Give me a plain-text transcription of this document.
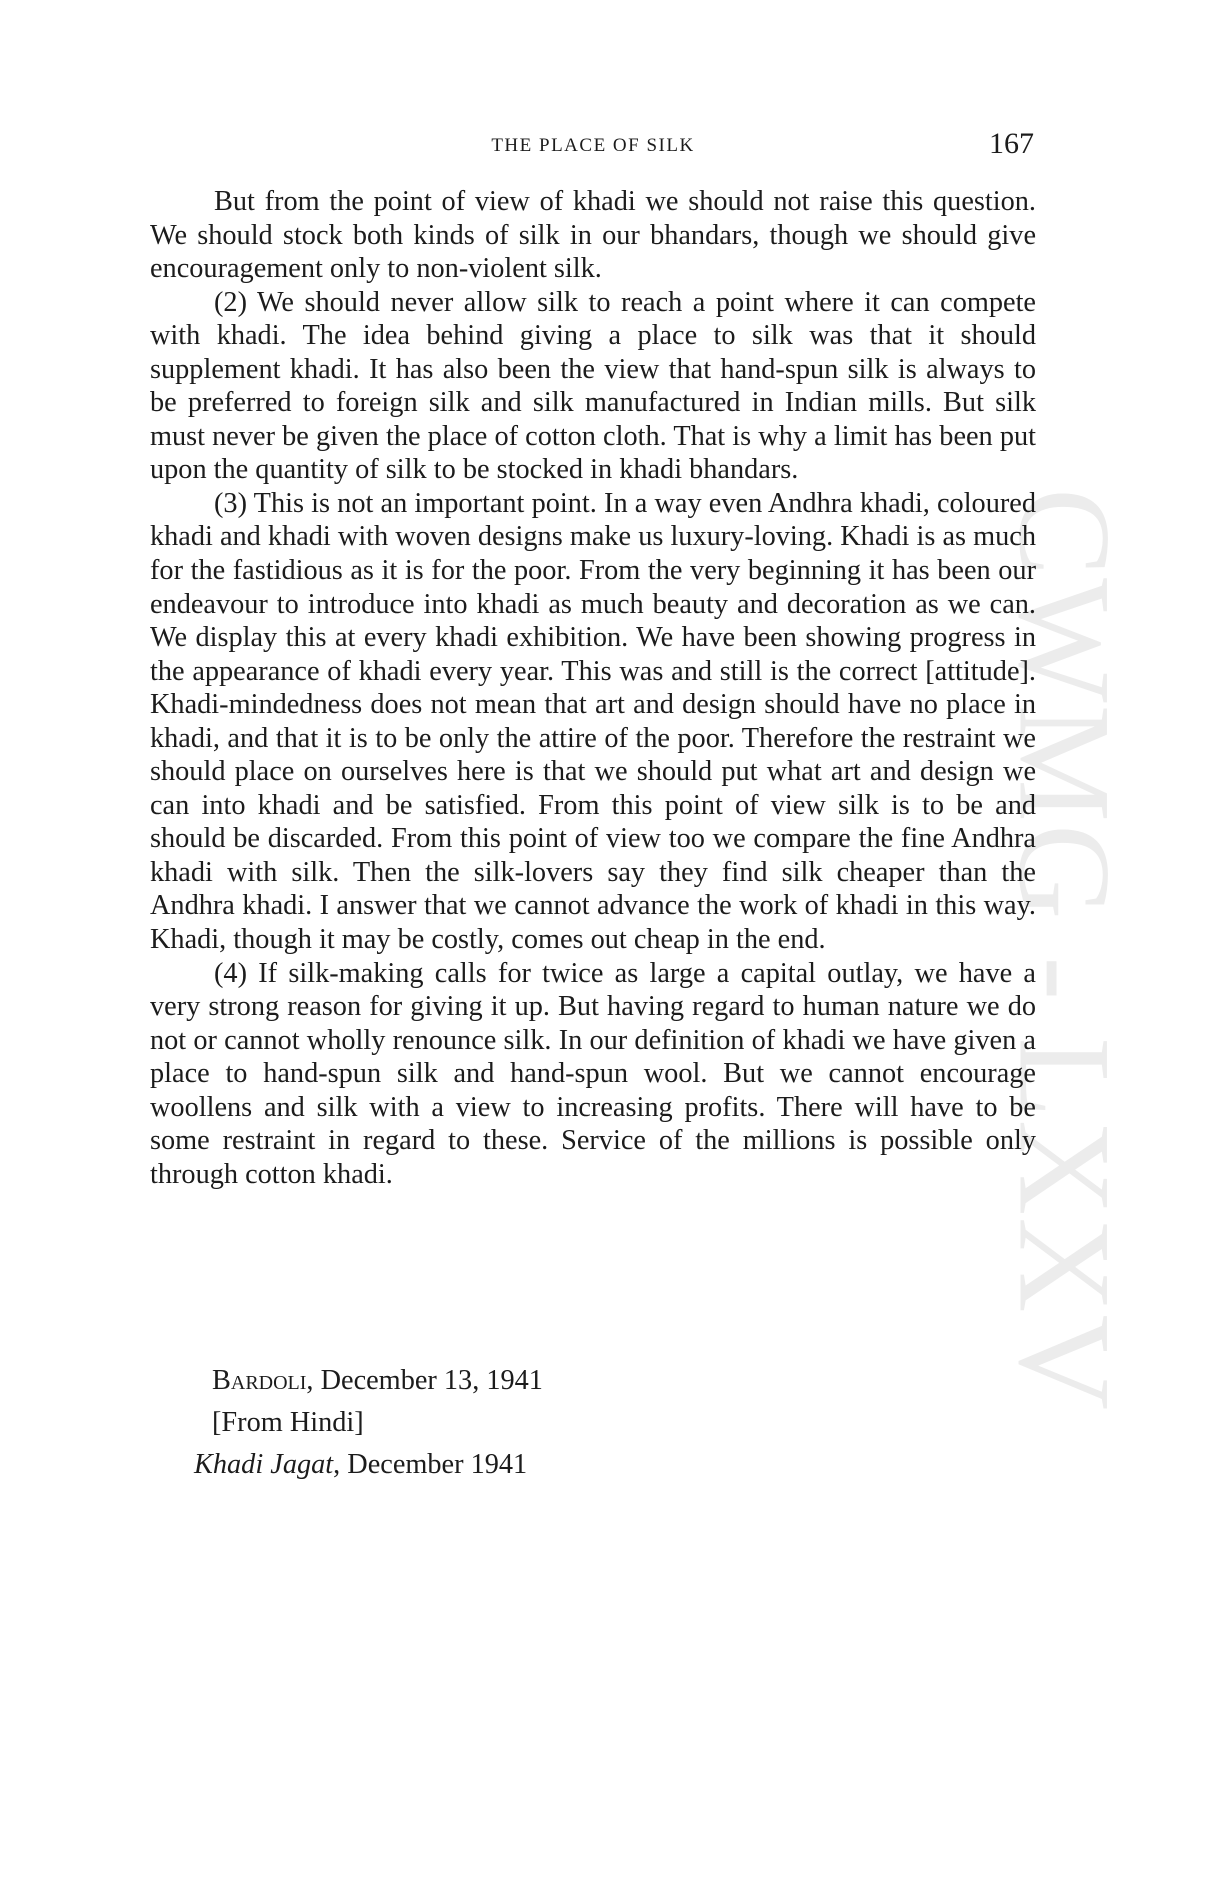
CWMG - LXXV
THE PLACE OF SILK	167

But from the point of view of khadi we should not raise this question. We should stock both kinds of silk in our bhandars, though we should give encouragement only to non-violent silk.

(2) We should never allow silk to reach a point where it can compete with khadi. The idea behind giving a place to silk was that it should supplement khadi. It has also been the view that hand-spun silk is always to be preferred to foreign silk and silk manufactured in Indian mills. But silk must never be given the place of cotton cloth. That is why a limit has been put upon the quantity of silk to be stocked in khadi bhandars.

(3) This is not an important point. In a way even Andhra khadi, coloured khadi and khadi with woven designs make us luxury-loving. Khadi is as much for the fastidious as it is for the poor. From the very beginning it has been our endeavour to introduce into khadi as much beauty and decoration as we can. We display this at every khadi exhibition. We have been showing progress in the appearance of khadi every year. This was and still is the correct [attitude]. Khadi-mindedness does not mean that art and design should have no place in khadi, and that it is to be only the attire of the poor. Therefore the restraint we should place on ourselves here is that we should put what art and design we can into khadi and be satisfied. From this point of view silk is to be and should be discarded. From this point of view too we compare the fine Andhra khadi with silk. Then the silk-lovers say they find silk cheaper than the Andhra khadi. I answer that we cannot advance the work of khadi in this way. Khadi, though it may be costly, comes out cheap in the end.

(4) If silk-making calls for twice as large a capital outlay, we have a very strong reason for giving it up. But having regard to human nature we do not or cannot wholly renounce silk. In our definition of khadi we have given a place to hand-spun silk and hand-spun wool. But we cannot encourage woollens and silk with a view to increasing profits. There will have to be some restraint in regard to these. Service of the millions is possible only through cotton khadi.

Bardoli, December 13, 1941
[From Hindi]
Khadi Jagat, December 1941
